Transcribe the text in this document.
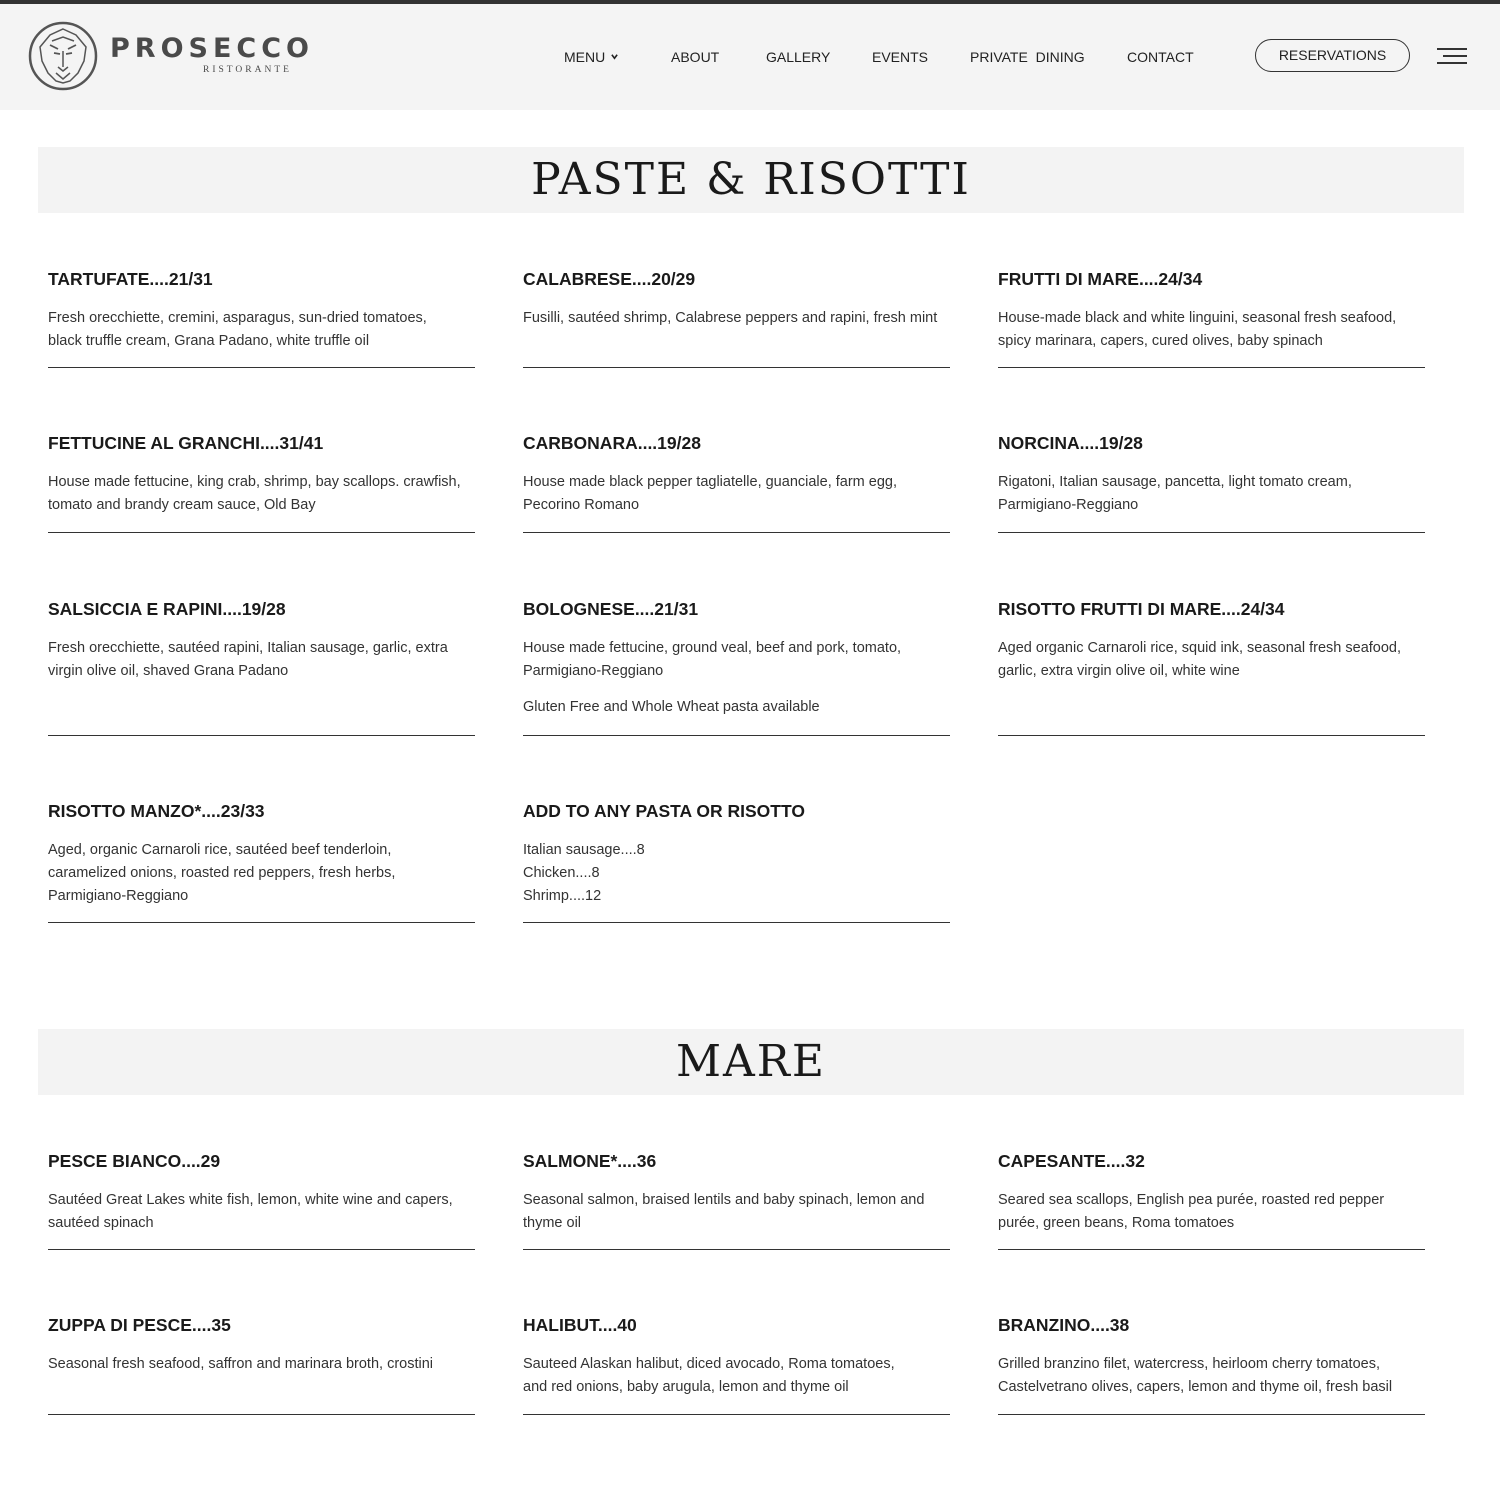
PROSECCO
RISTORANTE
MENU	ABOUT	GALLERY	EVENTS	PRIVATE  DINING	CONTACT	RESERVATIONS
PASTE & RISOTTI
TARTUFATE....21/31
Fresh orecchiette, cremini, asparagus, sun-dried tomatoes,
black truffle cream, Grana Padano, white truffle oil
CALABRESE....20/29
Fusilli, sautéed shrimp, Calabrese peppers and rapini, fresh mint
FRUTTI DI MARE....24/34
House-made black and white linguini, seasonal fresh seafood,
spicy marinara, capers, cured olives, baby spinach
FETTUCINE AL GRANCHI....31/41
House made fettucine, king crab, shrimp, bay scallops. crawfish,
tomato and brandy cream sauce, Old Bay
CARBONARA....19/28
House made black pepper tagliatelle, guanciale, farm egg,
Pecorino Romano
NORCINA....19/28
Rigatoni, Italian sausage, pancetta, light tomato cream,
Parmigiano-Reggiano
SALSICCIA E RAPINI....19/28
Fresh orecchiette, sautéed rapini, Italian sausage, garlic, extra
virgin olive oil, shaved Grana Padano
BOLOGNESE....21/31
House made fettucine, ground veal, beef and pork, tomato,
Parmigiano-Reggiano
Gluten Free and Whole Wheat pasta available
RISOTTO FRUTTI DI MARE....24/34
Aged organic Carnaroli rice, squid ink, seasonal fresh seafood,
garlic, extra virgin olive oil, white wine
RISOTTO MANZO*....23/33
Aged, organic Carnaroli rice, sautéed beef tenderloin,
caramelized onions, roasted red peppers, fresh herbs,
Parmigiano-Reggiano
ADD TO ANY PASTA OR RISOTTO
Italian sausage....8
Chicken....8
Shrimp....12
MARE
PESCE BIANCO....29
Sautéed Great Lakes white fish, lemon, white wine and capers,
sautéed spinach
SALMONE*....36
Seasonal salmon, braised lentils and baby spinach, lemon and
thyme oil
CAPESANTE....32
Seared sea scallops, English pea purée, roasted red pepper
purée, green beans, Roma tomatoes
ZUPPA DI PESCE....35
Seasonal fresh seafood, saffron and marinara broth, crostini
HALIBUT....40
Sauteed Alaskan halibut, diced avocado, Roma tomatoes,
and red onions, baby arugula, lemon and thyme oil
BRANZINO....38
Grilled branzino filet, watercress, heirloom cherry tomatoes,
Castelvetrano olives, capers, lemon and thyme oil, fresh basil
